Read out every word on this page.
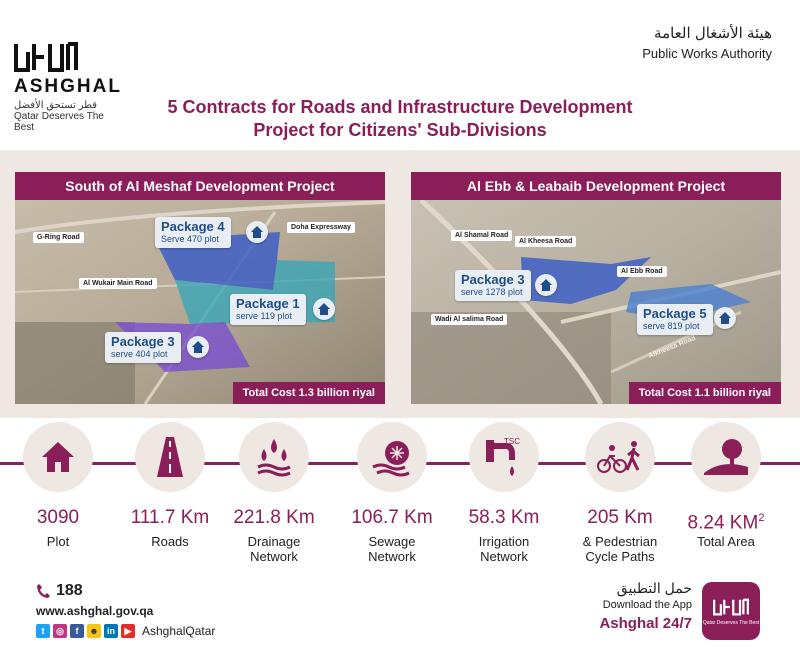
ASHGHAL
قطر تستحق الأفضل
Qatar Deserves The Best
هيئة الأشغال العامة
Public Works Authority
5 Contracts for Roads and Infrastructure Development
Project for Citizens' Sub-Divisions
South of Al Meshaf Development Project
G-Ring Road
Doha Expressway
Al Wukair Main Road
Package 4
Serve 470 plot
Package 1
serve 119 plot
Package 3
serve 404 plot
Total Cost 1.3 billion riyal
Al Ebb & Leabaib Development Project
Al Shamal Road
Al Kheesa Road
Al Ebb Road
Wadi Al salima Road
Alkheesa Road
Package 3
serve 1278 plot
Package 5
serve 819 plot
Total Cost 1.1 billion riyal
3090
Plot
111.7 Km
Roads
221.8 Km
Drainage
Network
106.7 Km
Sewage
Network
TSC
58.3 Km
Irrigation
Network
205 Km
& Pedestrian
Cycle Paths
8.24 $KM^2$
Total Area
188
www.ashghal.gov.qa
t	◎	f	☻ in	▶ AshghalQatar
حمل التطبيق
Download the App
Ashghal 24/7 Qatar Deserves The Best
